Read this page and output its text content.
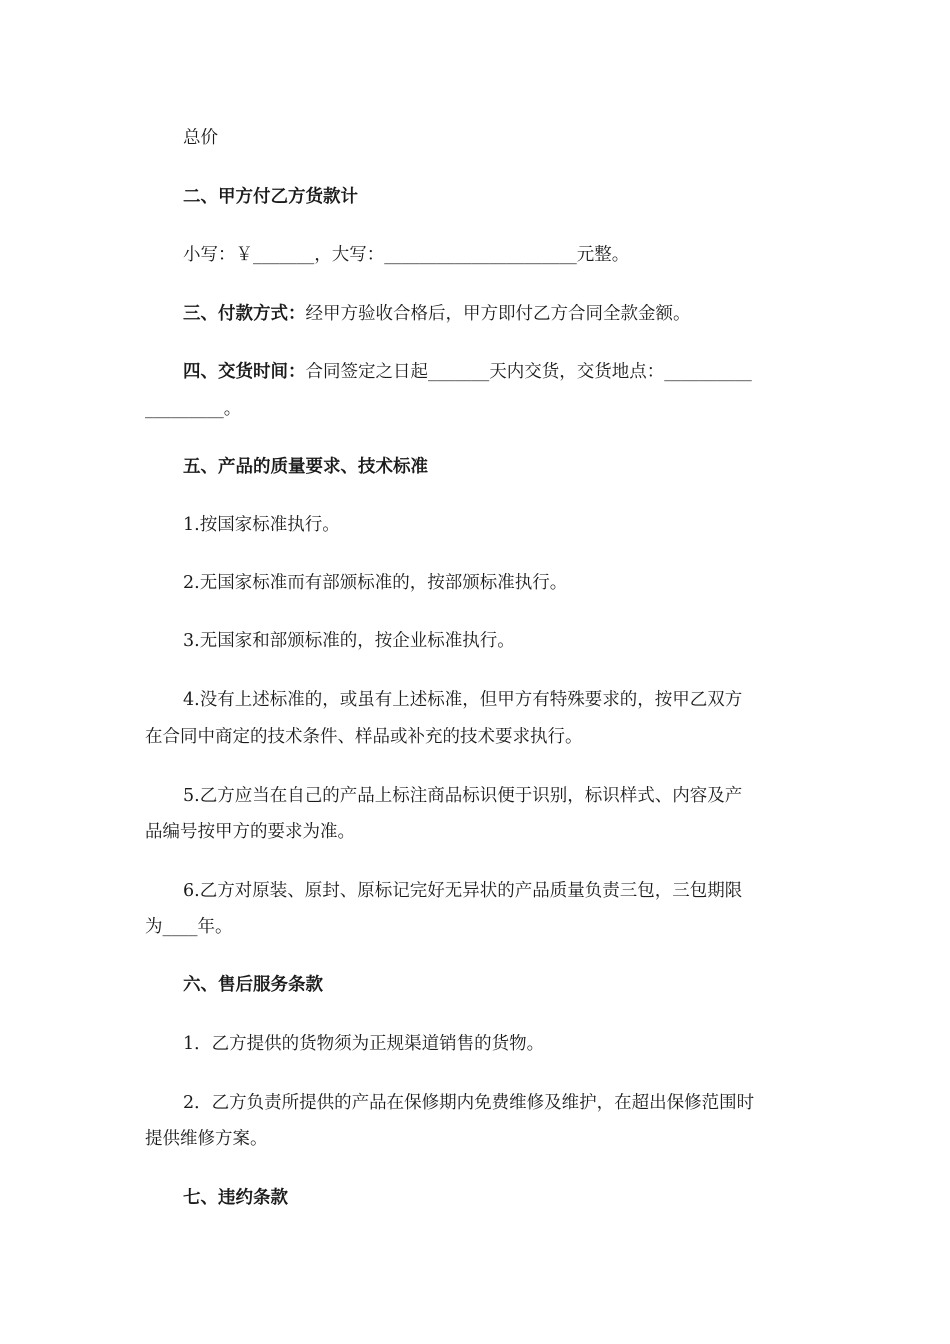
总价
二、甲方付乙方货款计
小写：￥_______，大写：______________________元整。
三、付款方式：经甲方验收合格后，甲方即付乙方合同全款金额。
四、交货时间：合同签定之日起_______天内交货，交货地点：__________
_________。
五、产品的质量要求、技术标准
1.按国家标准执行。
2.无国家标准而有部颁标准的，按部颁标准执行。
3.无国家和部颁标准的，按企业标准执行。
4.没有上述标准的，或虽有上述标准，但甲方有特殊要求的，按甲乙双方
在合同中商定的技术条件、样品或补充的技术要求执行。
5.乙方应当在自己的产品上标注商品标识便于识别，标识样式、内容及产
品编号按甲方的要求为准。
6.乙方对原装、原封、原标记完好无异状的产品质量负责三包，三包期限
为____年。
六、售后服务条款
1．乙方提供的货物须为正规渠道销售的货物。
2．乙方负责所提供的产品在保修期内免费维修及维护，在超出保修范围时
提供维修方案。
七、违约条款
